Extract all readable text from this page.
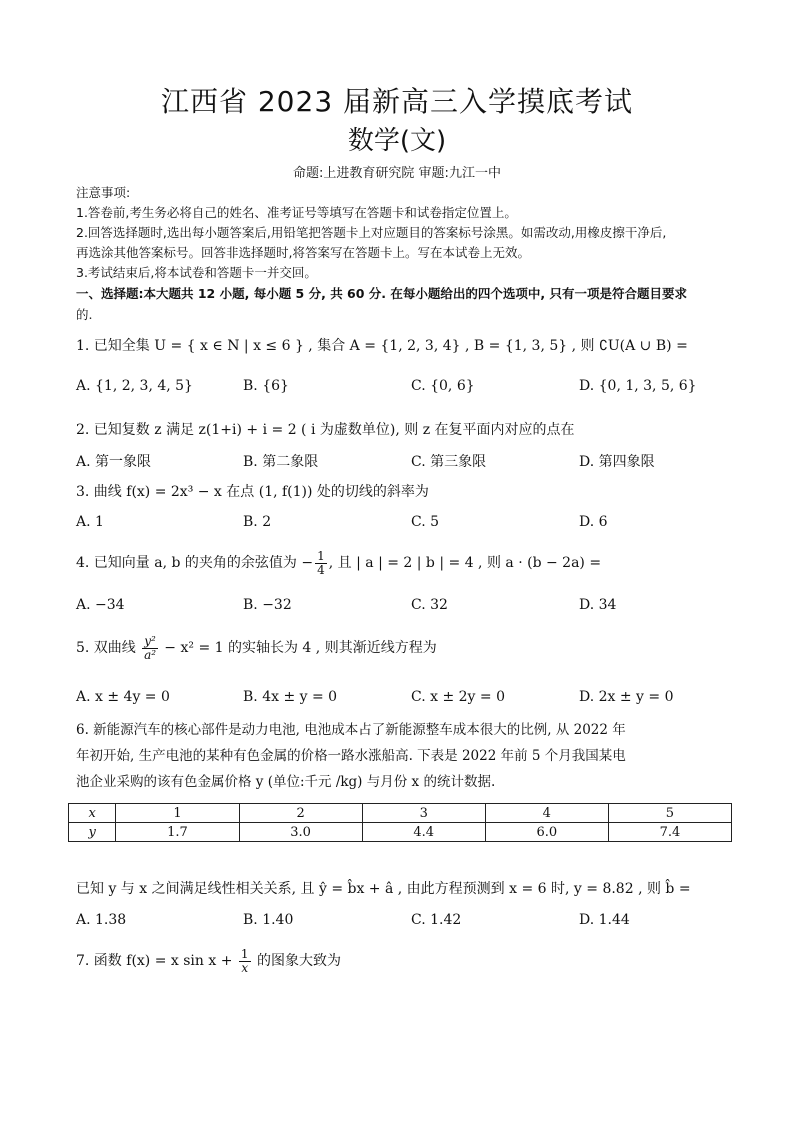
江西省 2023 届新高三入学摸底考试
数学(文)
命题:上进教育研究院 审题:九江一中
注意事项:
1.答卷前,考生务必将自己的姓名、准考证号等填写在答题卡和试卷指定位置上。
2.回答选择题时,选出每小题答案后,用铅笔把答题卡上对应题目的答案标号涂黑。如需改动,用橡皮擦干净后,
再选涂其他答案标号。回答非选择题时,将答案写在答题卡上。写在本试卷上无效。
3.考试结束后,将本试卷和答题卡一并交回。
一、选择题:本大题共 12 小题, 每小题 5 分, 共 60 分. 在每小题给出的四个选项中, 只有一项是符合题目要求
的.
1. 已知全集 U = { x ∈ N | x ≤ 6 } , 集合 A = {1, 2, 3, 4} , B = {1, 3, 5} , 则 ∁U(A ∪ B) =
A. {1, 2, 3, 4, 5}	B. {6}	C. {0, 6}	D. {0, 1, 3, 5, 6}
2. 已知复数 z 满足 z(1+i) + i = 2 ( i 为虚数单位), 则 z 在复平面内对应的点在
A. 第一象限	B. 第二象限	C. 第三象限	D. 第四象限
3. 曲线 f(x) = 2x³ − x 在点 (1, f(1)) 处的切线的斜率为
A. 1	B. 2	C. 5	D. 6
4. 已知向量 a, b 的夹角的余弦值为 − $\frac{1}{4}$ , 且 | a | = 2 | b | = 4 , 则 a · (b − 2a) =
A. −34	B. −32	C. 32	D. 34
5. 双曲线 $\frac{\text{y²}}{\text{a²}} - x^2 = 1$ 的实轴长为 4 , 则其渐近线方程为
A. x ± 4y = 0	B. 4x ± y = 0	C. x ± 2y = 0	D. 2x ± y = 0
6. 新能源汽车的核心部件是动力电池, 电池成本占了新能源整车成本很大的比例, 从 2022 年
年初开始, 生产电池的某种有色金属的价格一路水涨船高. 下表是 2022 年前 5 个月我国某电
池企业采购的该有色金属价格 y (单位:千元 /kg) 与月份 x 的统计数据.
x	1	2	3	4	5
y	1.7	3.0	4.4	6.0	7.4
已知 y 与 x 之间满足线性相关关系, 且 ŷ = b̂x + â , 由此方程预测到 x = 6 时, y = 8.82 , 则 b̂ =
A. 1.38	B. 1.40	C. 1.42	D. 1.44
7. 函数 f(x) = x $\sin x + \frac{1}{x}$ 的图象大致为
